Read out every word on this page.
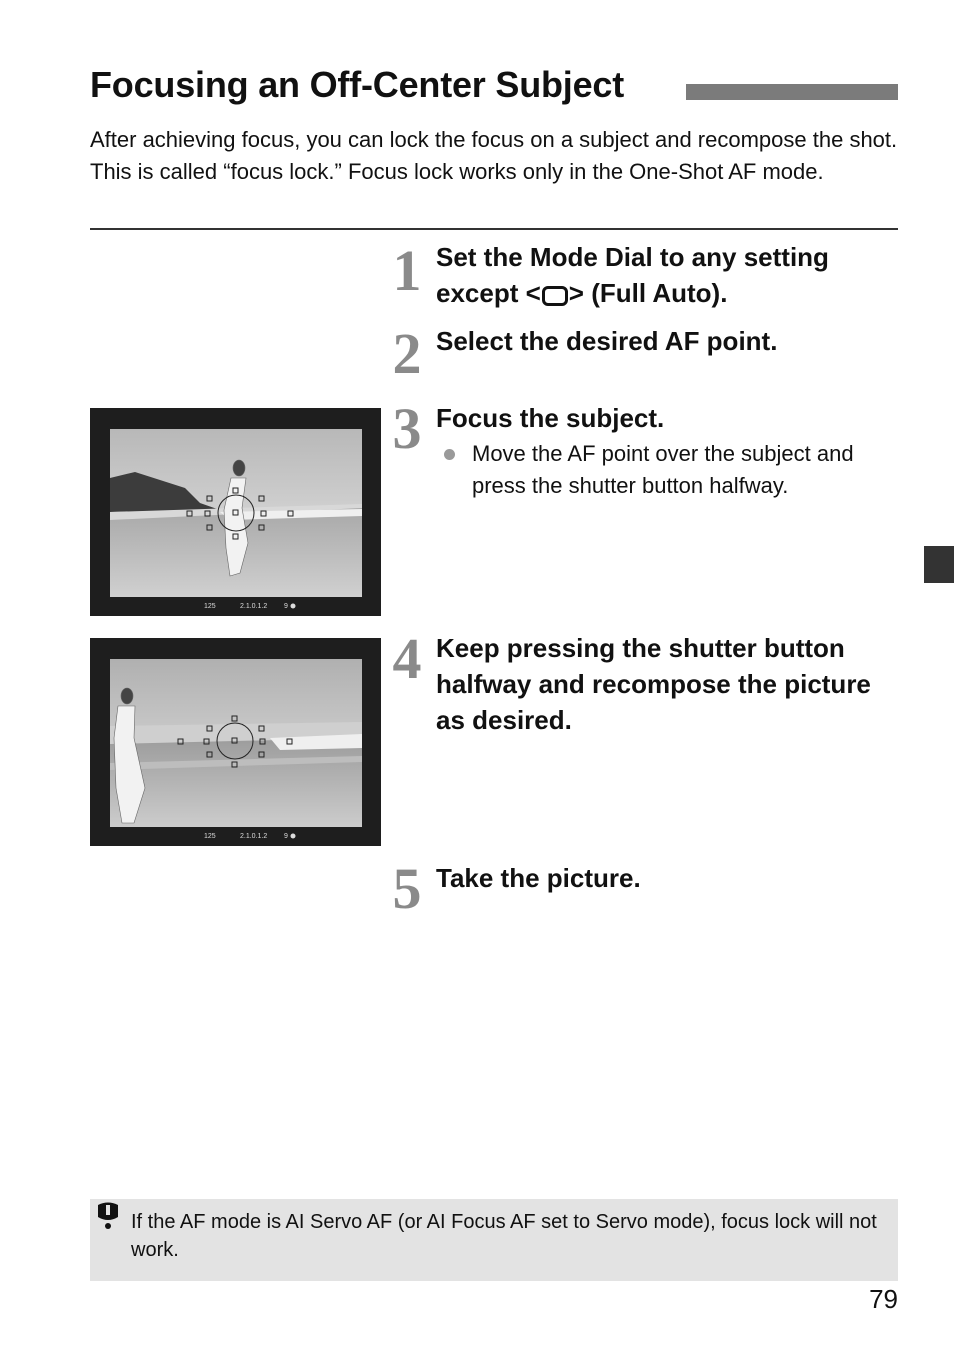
Focusing an Off-Center Subject

After achieving focus, you can lock the focus on a subject and recompose the shot. This is called “focus lock.” Focus lock works only in the One-Shot AF mode.

1 Set the Mode Dial to any setting except < > (Full Auto).

2 Select the desired AF point.

3 Focus the subject.

Move the AF point over the subject and press the shutter button halfway.
125	2.1.0.1.2 9
4 Keep pressing the shutter button halfway and recompose the picture as desired.

125	2.1.0.1.2 9
5 Take the picture.

If the AF mode is AI Servo AF (or AI Focus AF set to Servo mode), focus lock will not work.

79
